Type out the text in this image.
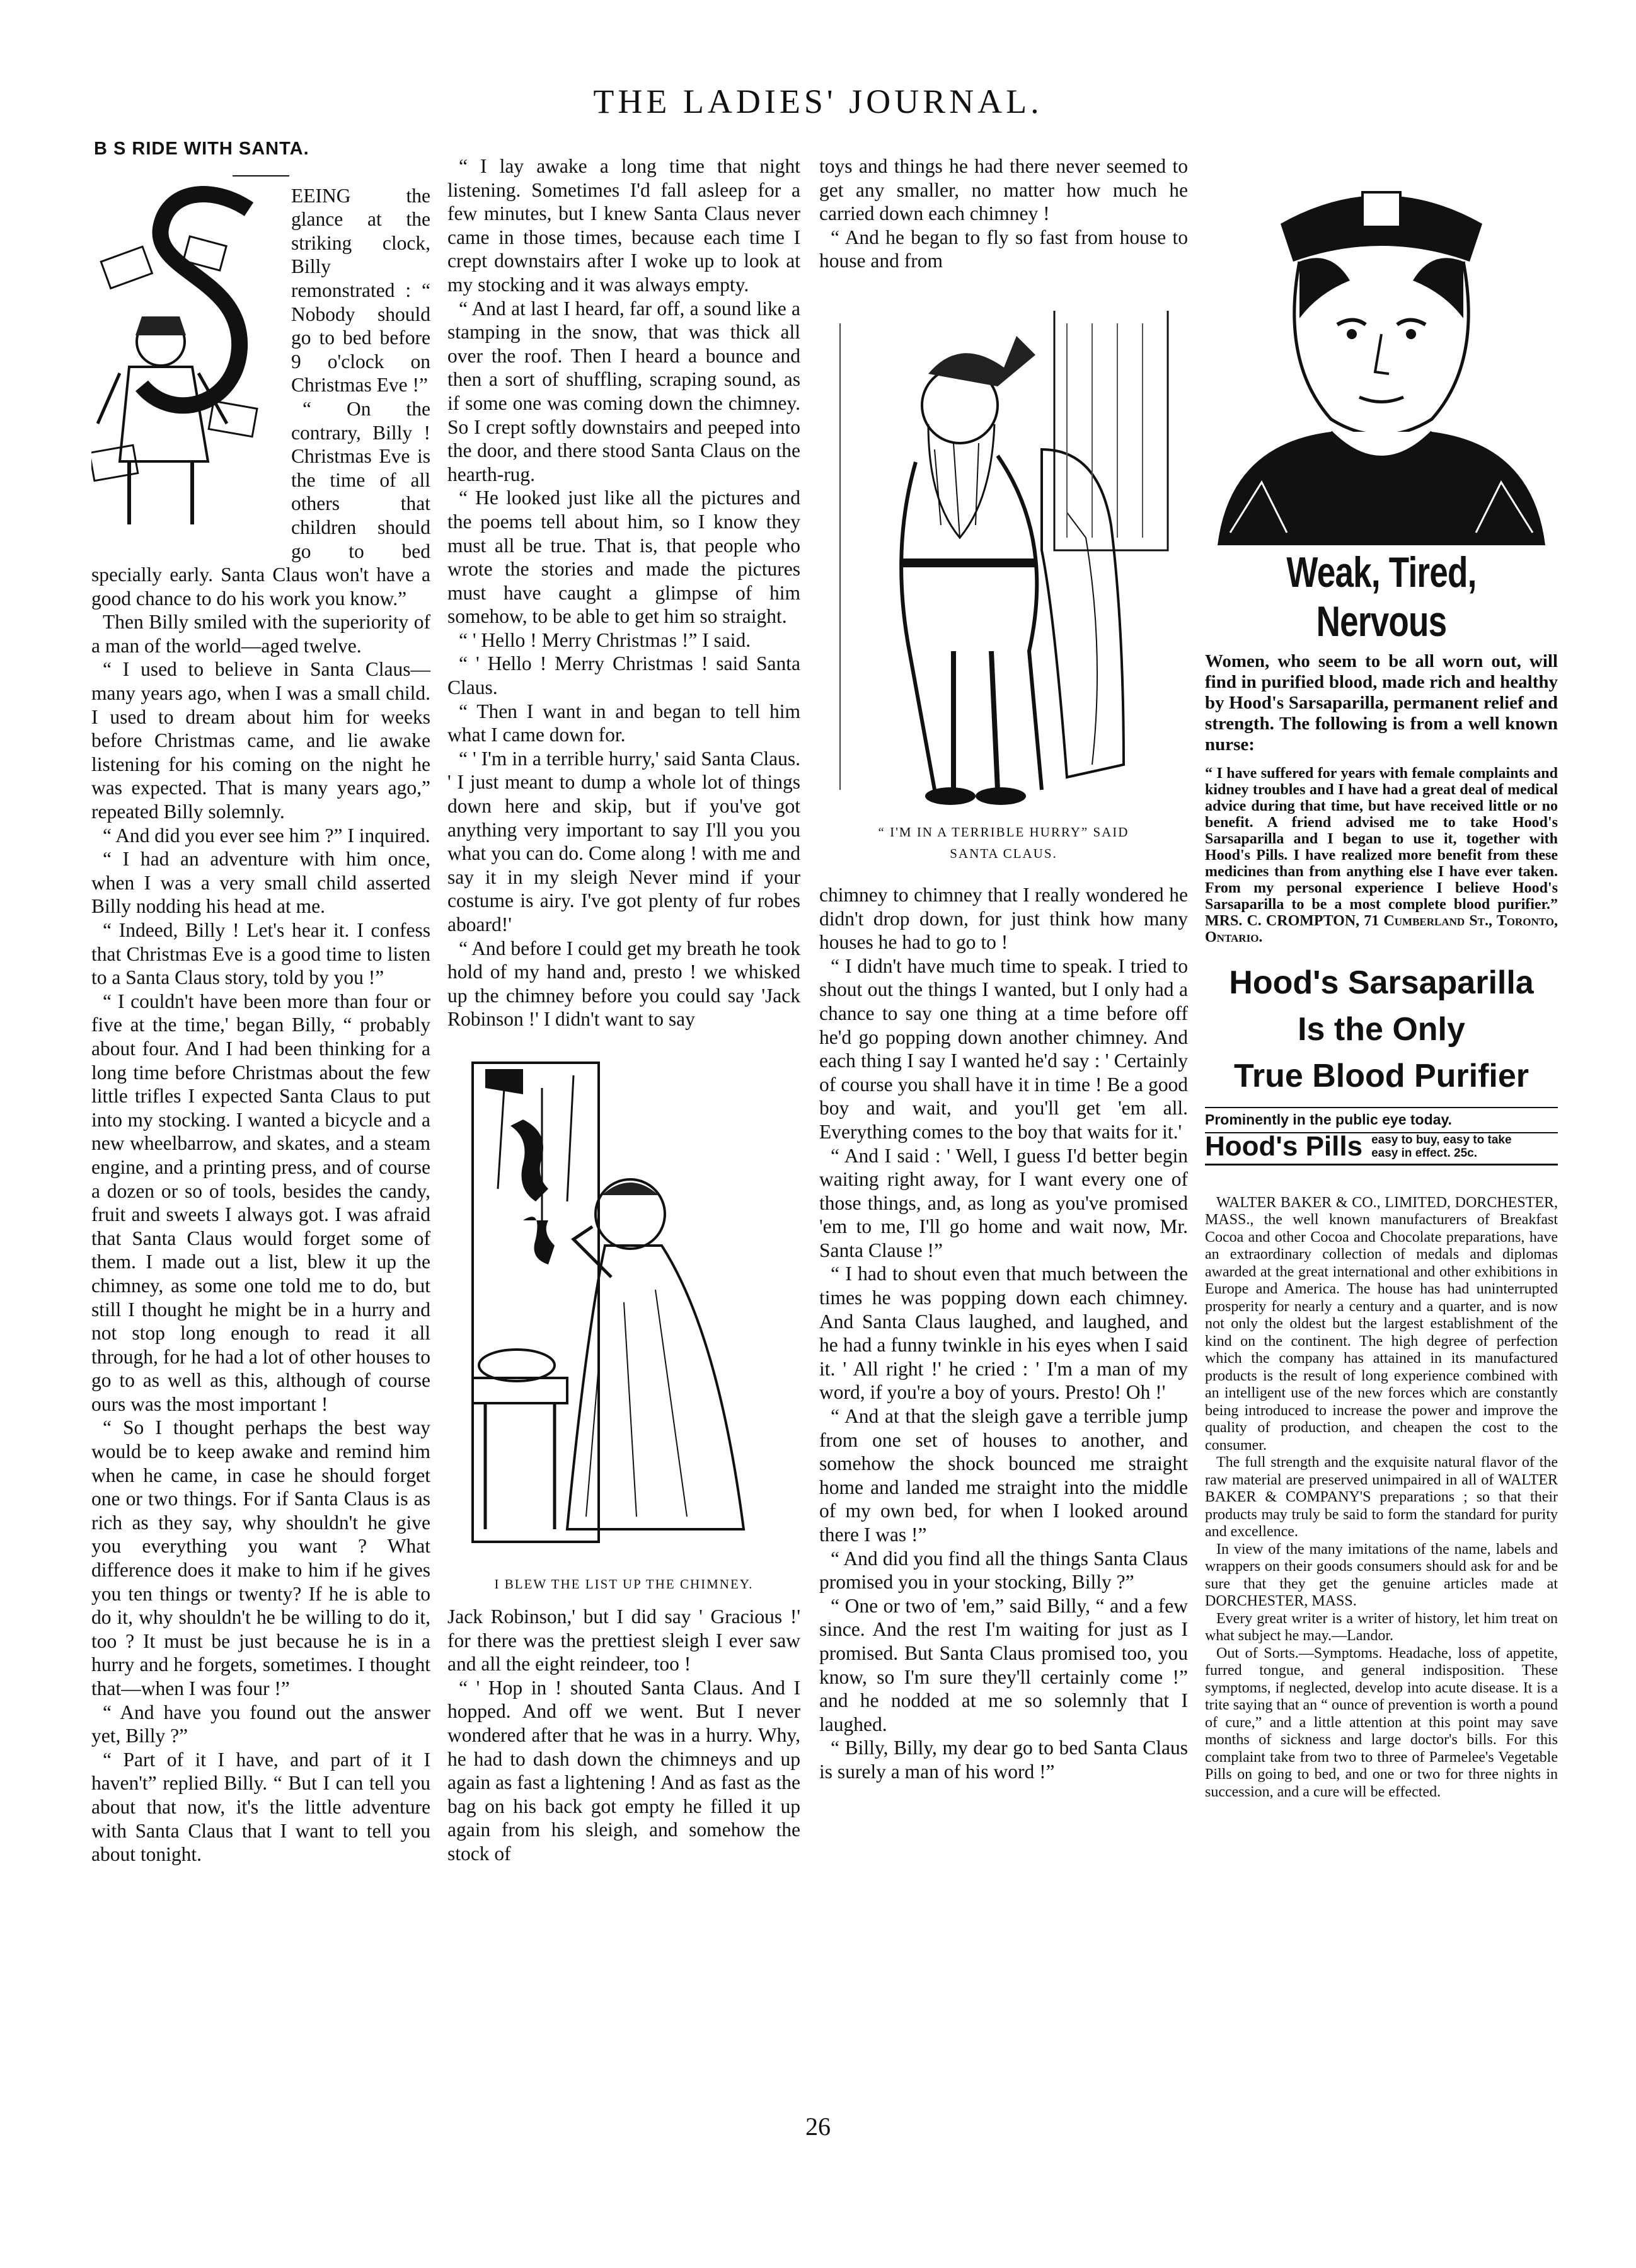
THE LADIES' JOURNAL.
B S RIDE WITH SANTA.

EEING the glance at the striking clock, Billy remonstrated : “ Nobody should go to bed before 9 o'clock on Christmas Eve !”

“ On the contrary, Billy ! Christmas Eve is the time of all others that children should go to bed specially early. Santa Claus won't have a good chance to do his work you know.”

Then Billy smiled with the superiority of a man of the world—aged twelve.

“ I used to believe in Santa Claus—many years ago, when I was a small child. I used to dream about him for weeks before Christmas came, and lie awake listening for his coming on the night he was expected. That is many years ago,” repeated Billy solemnly.

“ And did you ever see him ?” I inquired.

“ I had an adventure with him once, when I was a very small child asserted Billy nodding his head at me.

“ Indeed, Billy ! Let's hear it. I confess that Christmas Eve is a good time to listen to a Santa Claus story, told by you !”

“ I couldn't have been more than four or five at the time,' began Billy, “ probably about four. And I had been thinking for a long time before Christmas about the few little trifles I expected Santa Claus to put into my stocking. I wanted a bicycle and a new wheelbarrow, and skates, and a steam engine, and a printing press, and of course a dozen or so of tools, besides the candy, fruit and sweets I always got. I was afraid that Santa Claus would forget some of them. I made out a list, blew it up the chimney, as some one told me to do, but still I thought he might be in a hurry and not stop long enough to read it all through, for he had a lot of other houses to go to as well as this, although of course ours was the most important !

“ So I thought perhaps the best way would be to keep awake and remind him when he came, in case he should forget one or two things. For if Santa Claus is as rich as they say, why shouldn't he give you everything you want ? What difference does it make to him if he gives you ten things or twenty? If he is able to do it, why shouldn't he be willing to do it, too ? It must be just because he is in a hurry and he forgets, sometimes. I thought that—when I was four !”

“ And have you found out the answer yet, Billy ?”

“ Part of it I have, and part of it I haven't” replied Billy. “ But I can tell you about that now, it's the little adventure with Santa Claus that I want to tell you about tonight.

“ I lay awake a long time that night listening. Sometimes I'd fall asleep for a few minutes, but I knew Santa Claus never came in those times, because each time I crept downstairs after I woke up to look at my stocking and it was always empty.

“ And at last I heard, far off, a sound like a stamping in the snow, that was thick all over the roof. Then I heard a bounce and then a sort of shuffling, scraping sound, as if some one was coming down the chimney. So I crept softly downstairs and peeped into the door, and there stood Santa Claus on the hearth-rug.

“ He looked just like all the pictures and the poems tell about him, so I know they must all be true. That is, that people who wrote the stories and made the pictures must have caught a glimpse of him somehow, to be able to get him so straight.

“ ' Hello ! Merry Christmas !” I said.

“ ' Hello ! Merry Christmas ! said Santa Claus.

“ Then I want in and began to tell him what I came down for.

“ ' I'm in a terrible hurry,' said Santa Claus. ' I just meant to dump a whole lot of things down here and skip, but if you've got anything very important to say I'll you you what you can do. Come along ! with me and say it in my sleigh Never mind if your costume is airy. I've got plenty of fur robes aboard!'

“ And before I could get my breath he took hold of my hand and, presto ! we whisked up the chimney before you could say 'Jack Robinson !' I didn't want to say

I BLEW THE LIST UP THE CHIMNEY.

Jack Robinson,' but I did say ' Gracious !' for there was the prettiest sleigh I ever saw and all the eight reindeer, too !

“ ' Hop in ! shouted Santa Claus. And I hopped. And off we went. But I never wondered after that he was in a hurry. Why, he had to dash down the chimneys and up again as fast a lightening ! And as fast as the bag on his back got empty he filled it up again from his sleigh, and somehow the stock of

toys and things he had there never seemed to get any smaller, no matter how much he carried down each chimney !

“ And he began to fly so fast from house to house and from

“ I'M IN A TERRIBLE HURRY” SAID
SANTA CLAUS.

chimney to chimney that I really wondered he didn't drop down, for just think how many houses he had to go to !

“ I didn't have much time to speak. I tried to shout out the things I wanted, but I only had a chance to say one thing at a time before off he'd go popping down another chimney. And each thing I say I wanted he'd say : ' Certainly of course you shall have it in time ! Be a good boy and wait, and you'll get 'em all. Everything comes to the boy that waits for it.'

“ And I said : ' Well, I guess I'd better begin waiting right away, for I want every one of those things, and, as long as you've promised 'em to me, I'll go home and wait now, Mr. Santa Clause !”

“ I had to shout even that much between the times he was popping down each chimney. And Santa Claus laughed, and laughed, and he had a funny twinkle in his eyes when I said it. ' All right !' he cried : ' I'm a man of my word, if you're a boy of yours. Presto! Oh !'

“ And at that the sleigh gave a terrible jump from one set of houses to another, and somehow the shock bounced me straight home and landed me straight into the middle of my own bed, for when I looked around there I was !”

“ And did you find all the things Santa Claus promised you in your stocking, Billy ?”

“ One or two of 'em,” said Billy, “ and a few since. And the rest I'm waiting for just as I promised. But Santa Claus promised too, you know, so I'm sure they'll certainly come !” and he nodded at me so solemnly that I laughed.

“ Billy, Billy, my dear go to bed Santa Claus is surely a man of his word !”

Weak, Tired, Nervous
Women, who seem to be all worn out, will find in purified blood, made rich and healthy by Hood's Sarsaparilla, permanent relief and strength. The following is from a well known nurse:
“ I have suffered for years with female complaints and kidney troubles and I have had a great deal of medical advice during that time, but have received little or no benefit. A friend advised me to take Hood's Sarsaparilla and I began to use it, together with Hood's Pills. I have realized more benefit from these medicines than from anything else I have ever taken. From my personal experience I believe Hood's Sarsaparilla to be a most complete blood purifier.” MRS. C. CROMPTON, 71 Cumberland St., Toronto, Ontario.
Hood's Sarsaparilla
Is the Only
True Blood Purifier
Prominently in the public eye today.
Hood's Pills easy to buy, easy to take
easy in effect. 25c.

WALTER BAKER & CO., LIMITED, DORCHESTER, MASS., the well known manufacturers of Breakfast Cocoa and other Cocoa and Chocolate preparations, have an extraordinary collection of medals and diplomas awarded at the great international and other exhibitions in Europe and America. The house has had uninterrupted prosperity for nearly a century and a quarter, and is now not only the oldest but the largest establishment of the kind on the continent. The high degree of perfection which the company has attained in its manufactured products is the result of long experience combined with an intelligent use of the new forces which are constantly being introduced to increase the power and improve the quality of production, and cheapen the cost to the consumer.

The full strength and the exquisite natural flavor of the raw material are preserved unimpaired in all of WALTER BAKER & COMPANY'S preparations ; so that their products may truly be said to form the standard for purity and excellence.

In view of the many imitations of the name, labels and wrappers on their goods consumers should ask for and be sure that they get the genuine articles made at DORCHESTER, MASS.

Every great writer is a writer of history, let him treat on what subject he may.—Landor.

Out of Sorts.—Symptoms. Headache, loss of appetite, furred tongue, and general indisposition. These symptoms, if neglected, develop into acute disease. It is a trite saying that an “ ounce of prevention is worth a pound of cure,” and a little attention at this point may save months of sickness and large doctor's bills. For this complaint take from two to three of Parmelee's Vegetable Pills on going to bed, and one or two for three nights in succession, and a cure will be effected.

26
